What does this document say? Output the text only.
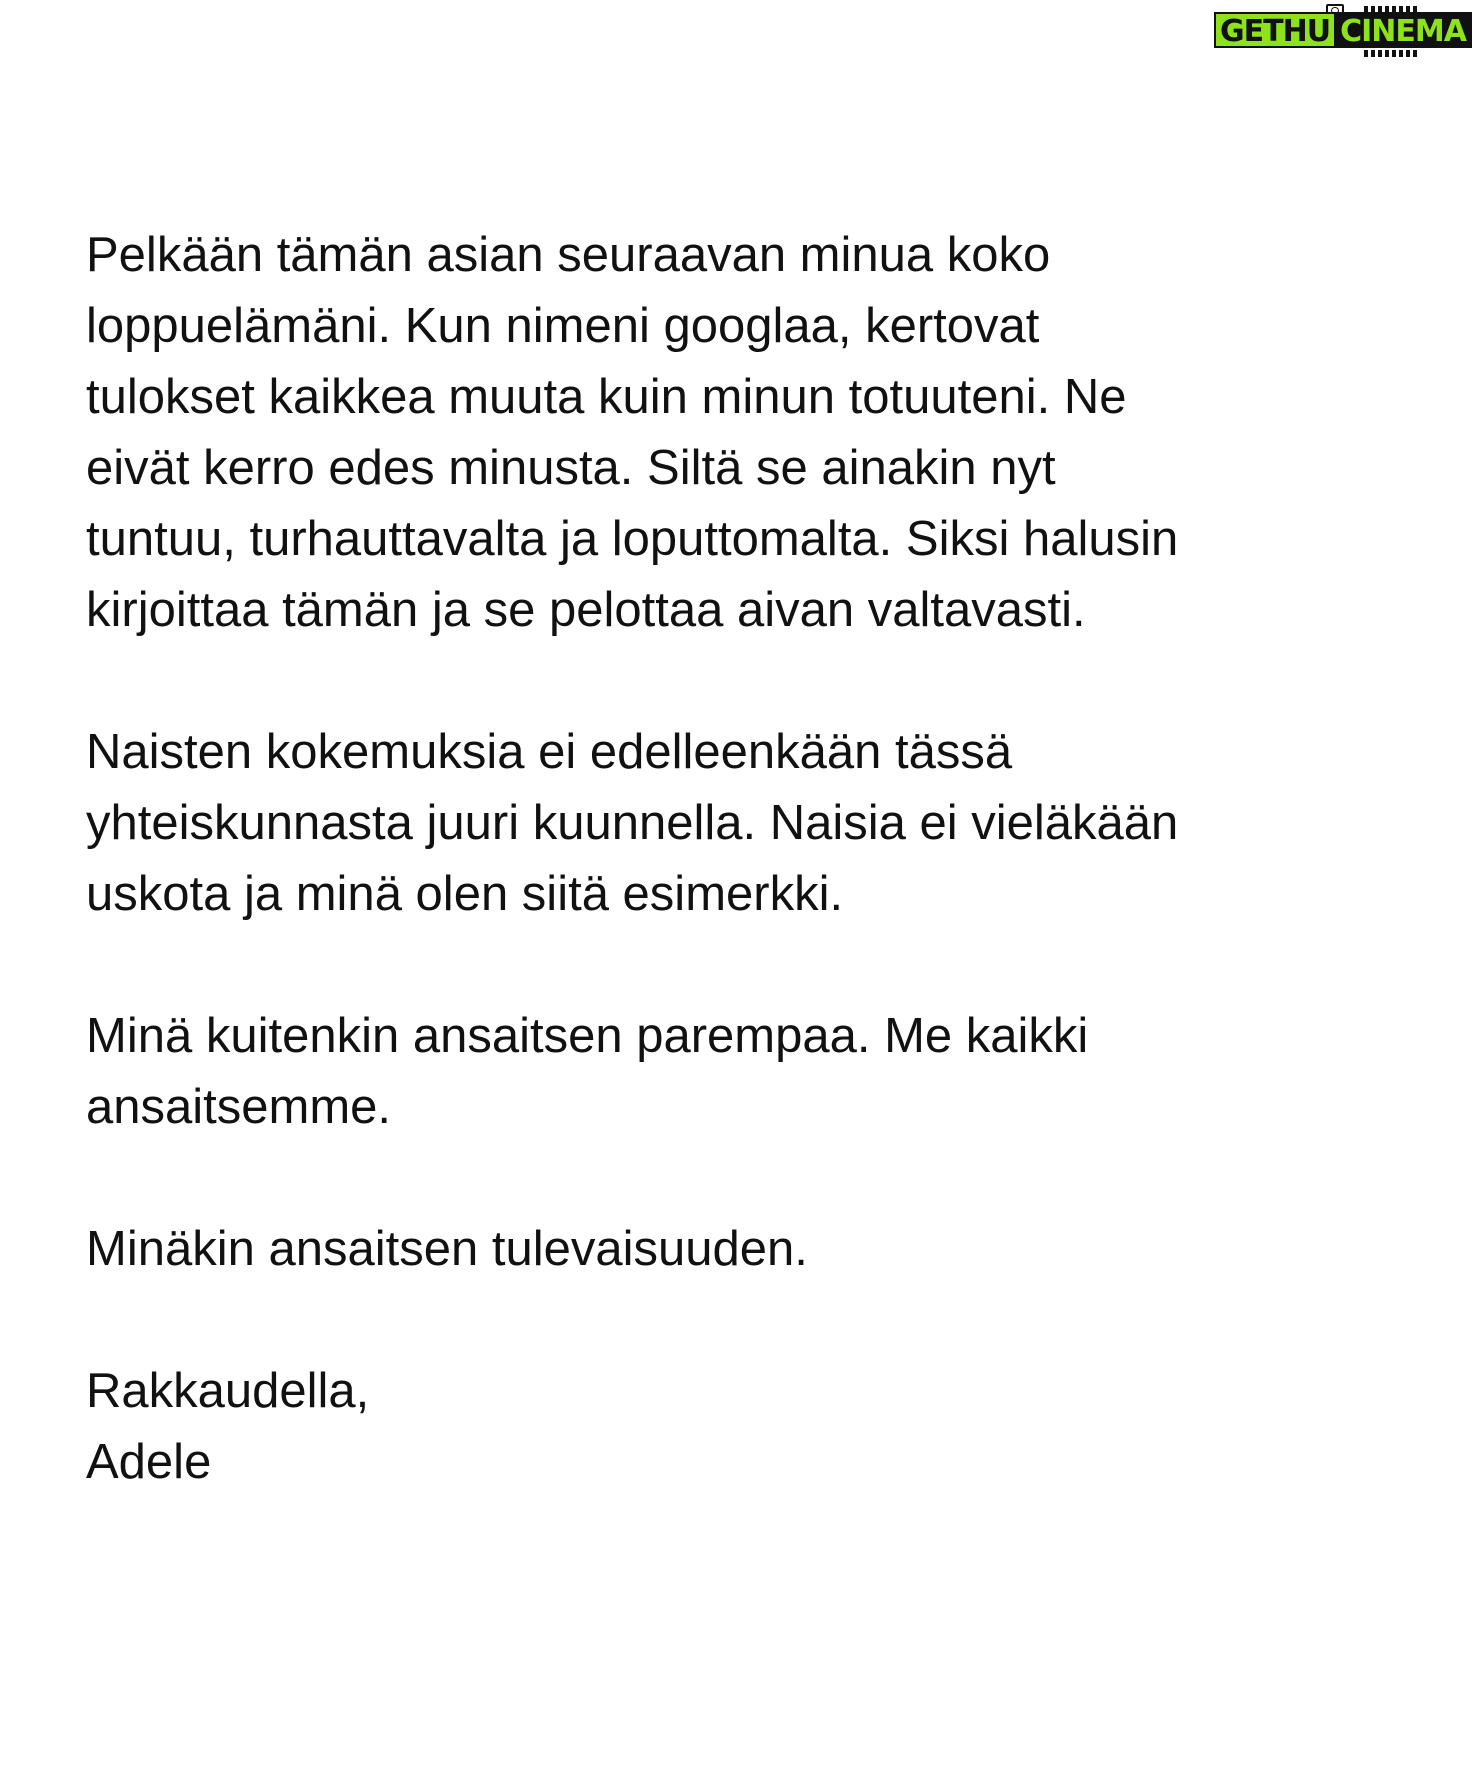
GETHU CINEMA

Pelkään tämän asian seuraavan minua koko
loppuelämäni. Kun nimeni googlaa, kertovat
tulokset kaikkea muuta kuin minun totuuteni. Ne
eivät kerro edes minusta. Siltä se ainakin nyt
tuntuu, turhauttavalta ja loputtomalta. Siksi halusin
kirjoittaa tämän ja se pelottaa aivan valtavasti.

Naisten kokemuksia ei edelleenkään tässä
yhteiskunnasta juuri kuunnella. Naisia ei vieläkään
uskota ja minä olen siitä esimerkki.

Minä kuitenkin ansaitsen parempaa. Me kaikki
ansaitsemme.

Minäkin ansaitsen tulevaisuuden.

Rakkaudella,
Adele
